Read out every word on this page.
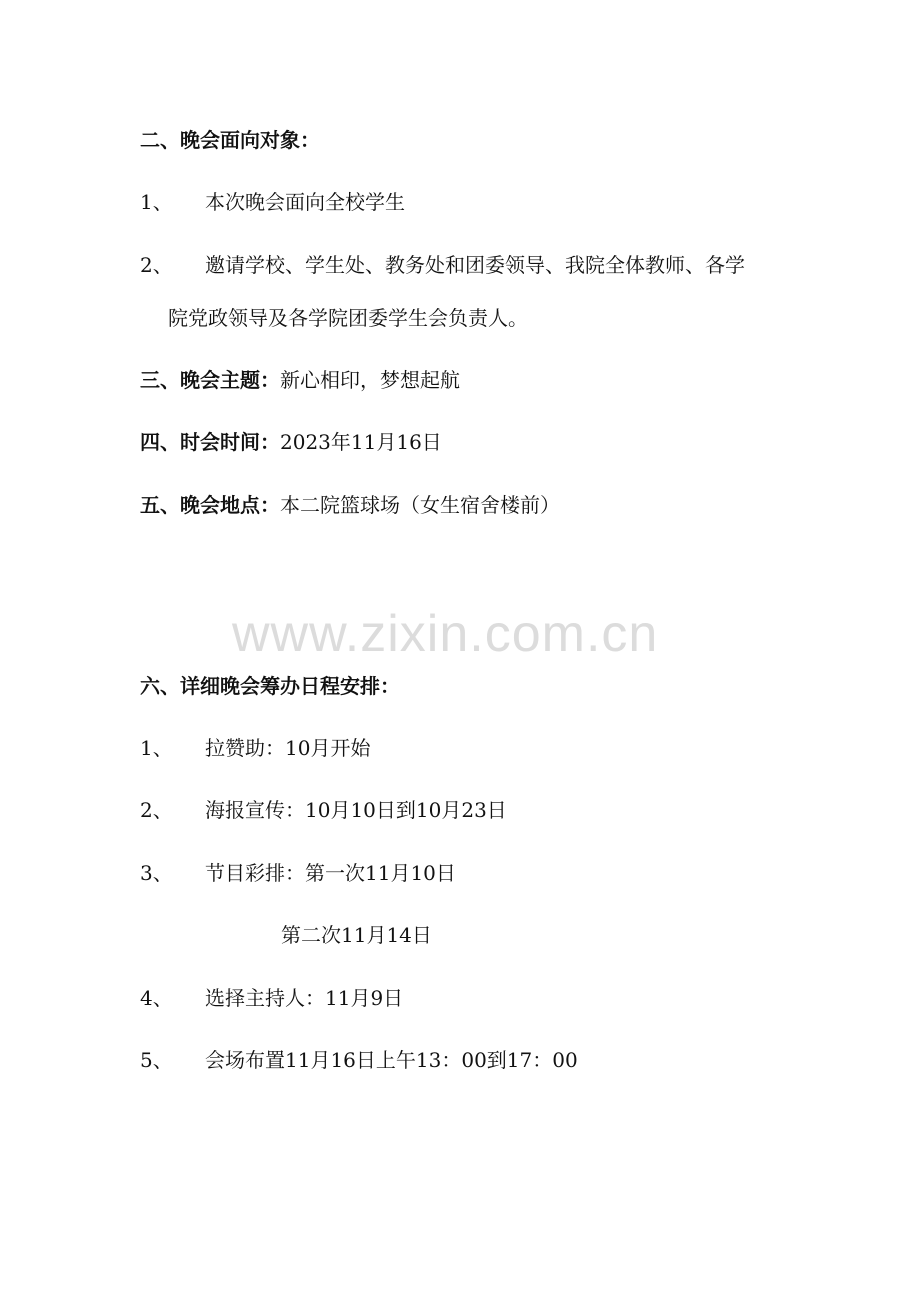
二、晚会面向对象：
1、 本次晚会面向全校学生
2、 邀请学校、学生处、教务处和团委领导、我院全体教师、各学
院党政领导及各学院团委学生会负责人。
三、晚会主题：新心相印，梦想起航
四、时会时间：2023年11月16日
五、晚会地点：本二院篮球场（女生宿舍楼前）
www.zixin.com.cn
六、详细晚会筹办日程安排：
1、 拉赞助：10月开始
2、 海报宣传：10月10日到10月23日
3、 节目彩排：第一次11月10日
第二次11月14日
4、 选择主持人：11月9日
5、 会场布置11月16日上午13：00到17：00
